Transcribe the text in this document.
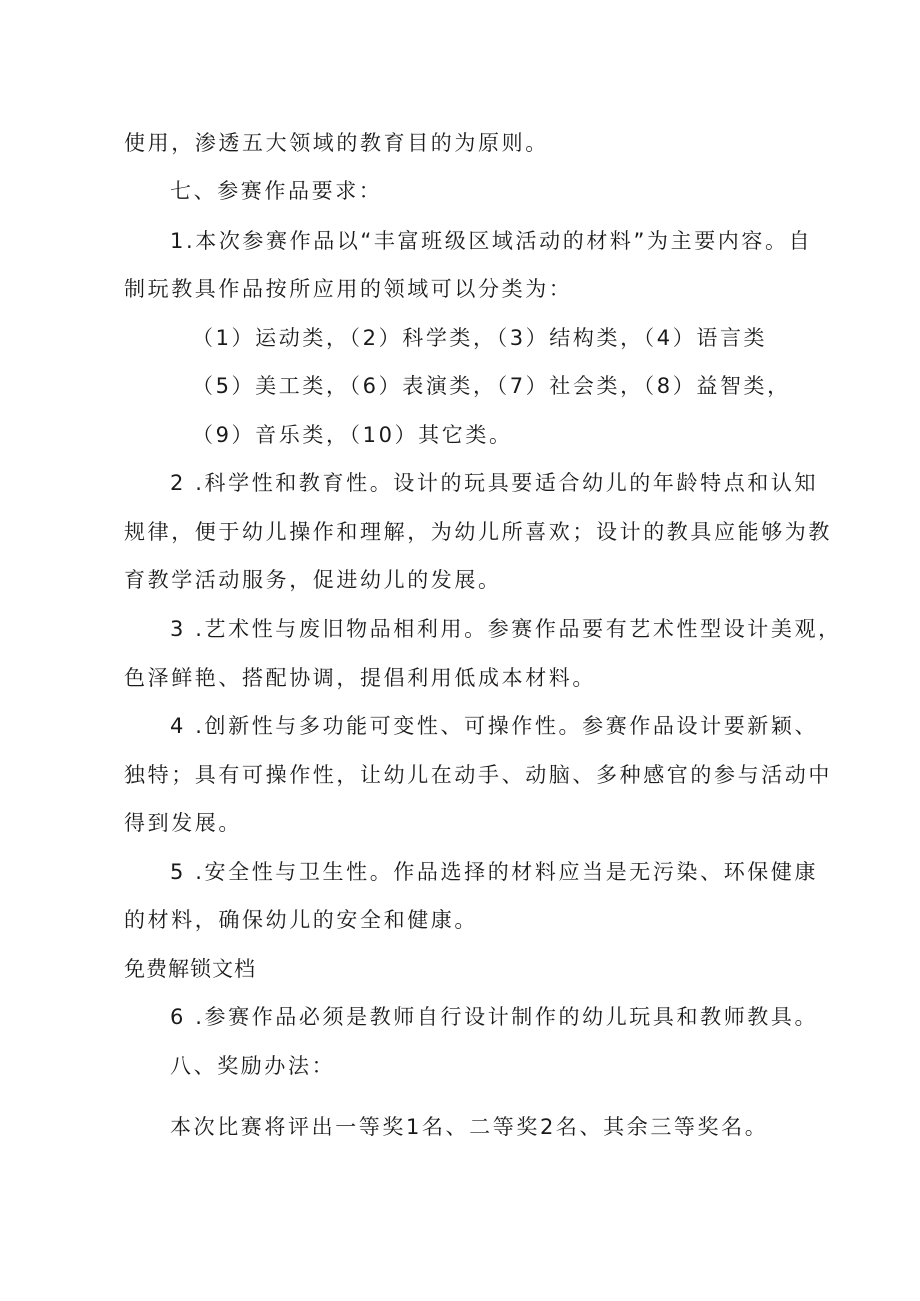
使用，渗透五大领域的教育目的为原则。
七、参赛作品要求：
1.本次参赛作品以“丰富班级区域活动的材料”为主要内容。自
制玩教具作品按所应用的领域可以分类为：
（1）运动类，（2）科学类，（3）结构类，（4）语言类
（5）美工类，（6）表演类，（7）社会类，（8）益智类，
（9）音乐类，（10）其它类。
2 .科学性和教育性。设计的玩具要适合幼儿的年龄特点和认知
规律，便于幼儿操作和理解，为幼儿所喜欢；设计的教具应能够为教
育教学活动服务，促进幼儿的发展。
3 .艺术性与废旧物品相利用。参赛作品要有艺术性型设计美观，
色泽鲜艳、搭配协调，提倡利用低成本材料。
4 .创新性与多功能可变性、可操作性。参赛作品设计要新颖、
独特；具有可操作性，让幼儿在动手、动脑、多种感官的参与活动中
得到发展。
5 .安全性与卫生性。作品选择的材料应当是无污染、环保健康
的材料，确保幼儿的安全和健康。
免费解锁文档
6 .参赛作品必须是教师自行设计制作的幼儿玩具和教师教具。
八、奖励办法：
本次比赛将评出一等奖1名、二等奖2名、其余三等奖名。
